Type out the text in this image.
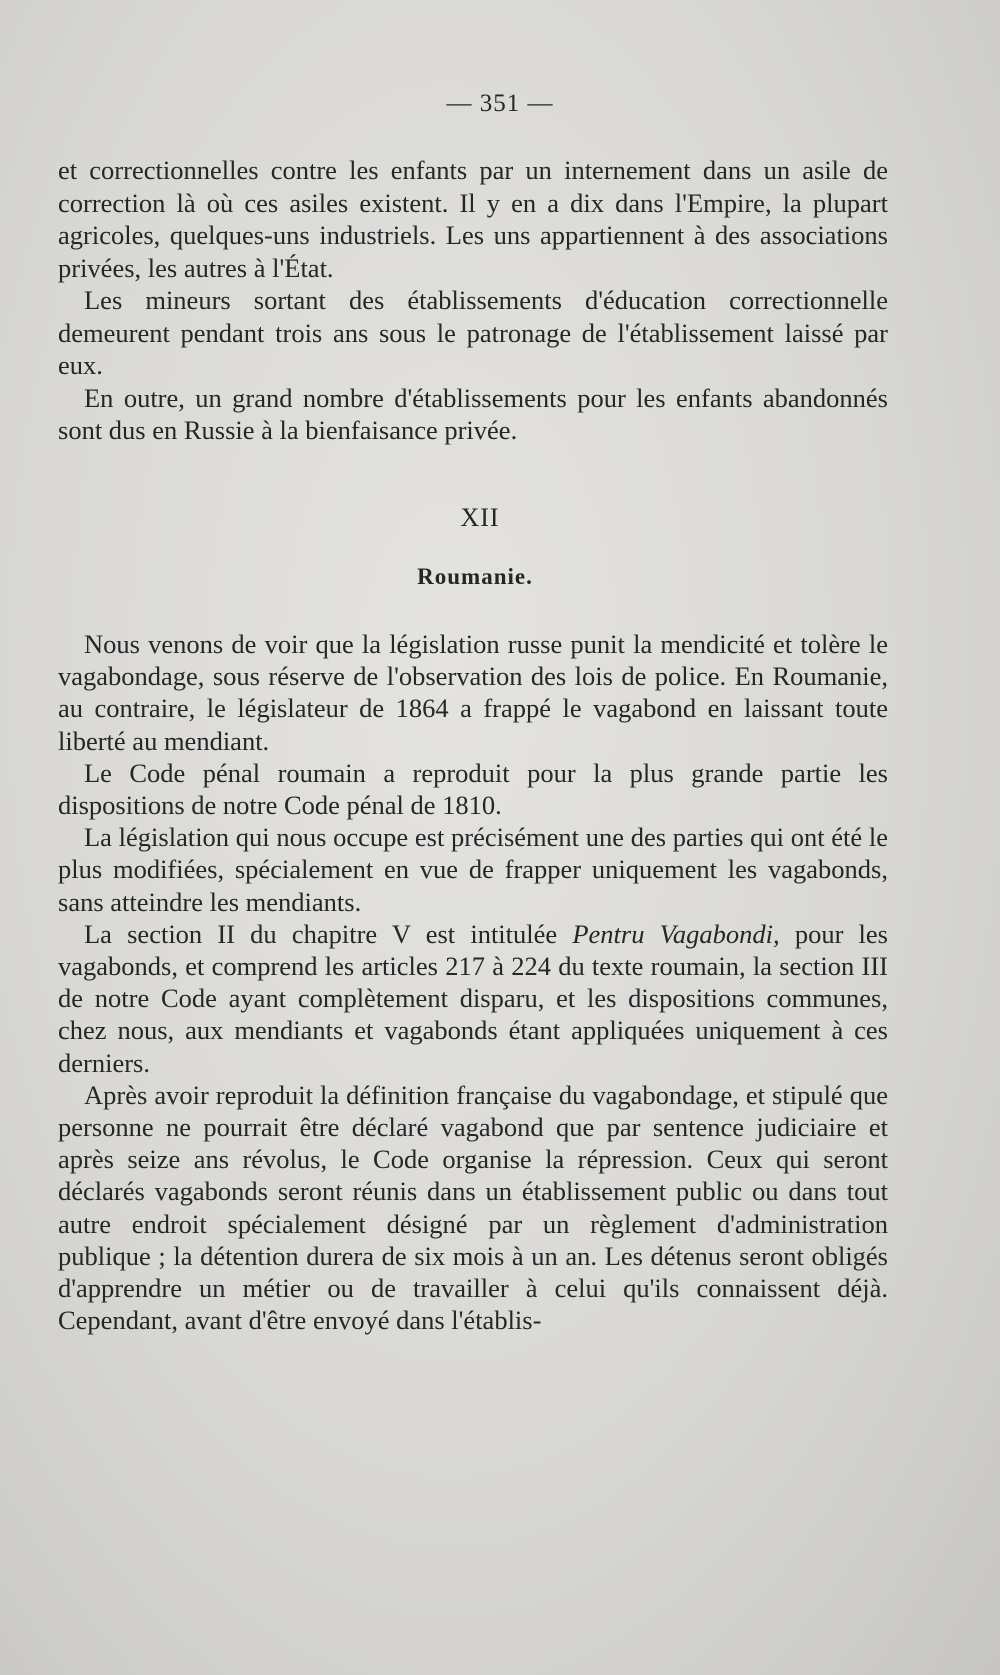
— 351 —

et correctionnelles contre les enfants par un internement dans un asile de correction là où ces asiles existent. Il y en a dix dans l'Empire, la plupart agricoles, quelques-uns industriels. Les uns appartiennent à des associations privées, les autres à l'État.

Les mineurs sortant des établissements d'éducation correctionnelle demeurent pendant trois ans sous le patronage de l'établissement laissé par eux.

En outre, un grand nombre d'établissements pour les enfants abandonnés sont dus en Russie à la bienfaisance privée.

XII
Roumanie.

Nous venons de voir que la législation russe punit la mendicité et tolère le vagabondage, sous réserve de l'observation des lois de police. En Roumanie, au contraire, le législateur de 1864 a frappé le vagabond en laissant toute liberté au mendiant.

Le Code pénal roumain a reproduit pour la plus grande partie les dispositions de notre Code pénal de 1810.

La législation qui nous occupe est précisément une des parties qui ont été le plus modifiées, spécialement en vue de frapper uniquement les vagabonds, sans atteindre les mendiants.

La section II du chapitre V est intitulée Pentru Vagabondi, pour les vagabonds, et comprend les articles 217 à 224 du texte roumain, la section III de notre Code ayant complètement disparu, et les dispositions communes, chez nous, aux mendiants et vagabonds étant appliquées uniquement à ces derniers.

Après avoir reproduit la définition française du vagabondage, et stipulé que personne ne pourrait être déclaré vagabond que par sentence judiciaire et après seize ans révolus, le Code organise la répression. Ceux qui seront déclarés vagabonds seront réunis dans un établissement public ou dans tout autre endroit spécialement désigné par un règlement d'administration publique ; la détention durera de six mois à un an. Les détenus seront obligés d'apprendre un métier ou de travailler à celui qu'ils connaissent déjà. Cependant, avant d'être envoyé dans l'établis-
